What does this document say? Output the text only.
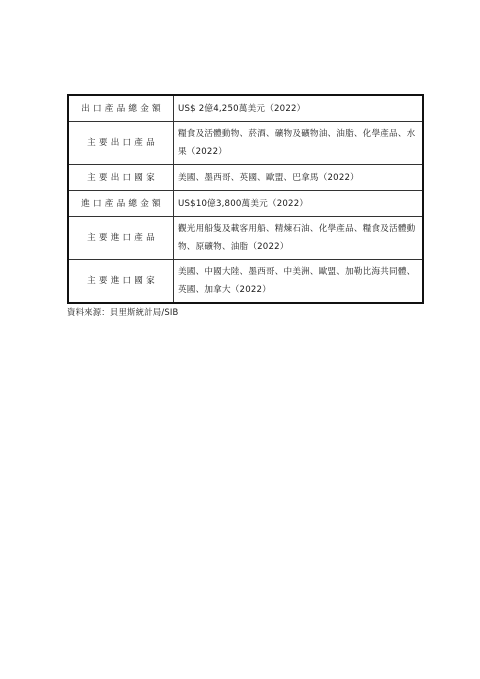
出口產品總金額	US$ 2億4,250萬美元（2022）
主要出口產品	糧食及活體動物、菸酒、礦物及礦物油、油脂、化學產品、水果（2022）
主要出口國家	美國、墨西哥、英國、歐盟、巴拿馬（2022）
進口產品總金額	US$10億3,800萬美元（2022）
主要進口產品	觀光用船隻及載客用船、精煉石油、化學產品、糧食及活體動物、原礦物、油脂（2022）
主要進口國家	美國、中國大陸、墨西哥、中美洲、歐盟、加勒比海共同體、英國、加拿大（2022）
資料來源：貝里斯統計局/SIB
